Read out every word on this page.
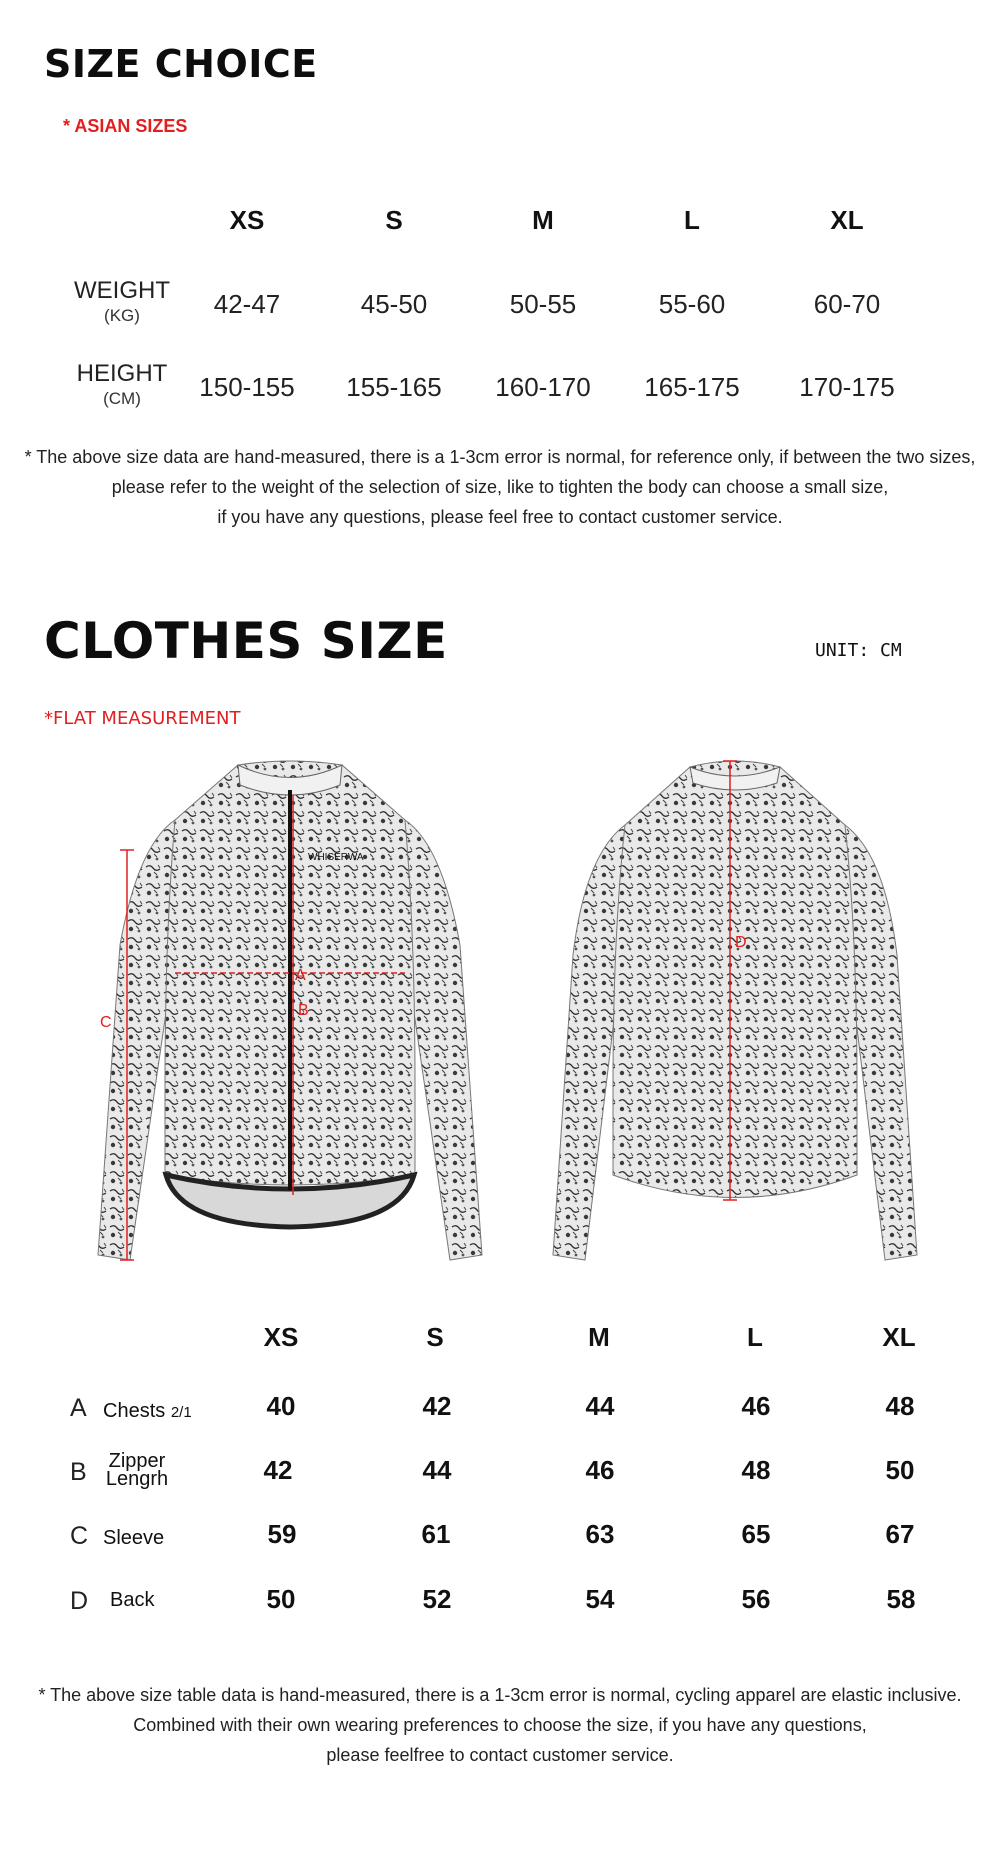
SIZE CHOICE
* ASIAN SIZES
XS	S	M	L	XL
WEIGHT
(KG)	42-47	45-50	50-55	55-60	60-70
HEIGHT
(CM)	150-155	155-165	160-170	165-175	170-175
* The above size data are hand-measured, there is a 1-3cm error is normal, for reference only, if between the two sizes,
please refer to the weight of the selection of size, like to tighten the body can choose a small size,
if you have any questions, please feel free to contact customer service.
CLOTHES SIZE	UNIT: CM
*FLAT MEASUREMENT
WHISERWA
A
B
C
D
XS	S	M	L	XL
A Chests 2/1	40	42	44	46	48
B	Zipper
Lengrh	42	44	46	48	50
C Sleeve	59	61	63	65	67
D Back	50	52	54	56	58
* The above size table data is hand-measured, there is a 1-3cm error is normal, cycling apparel are elastic inclusive.
Combined with their own wearing preferences to choose the size, if you have any questions,
please feelfree to contact customer service.
